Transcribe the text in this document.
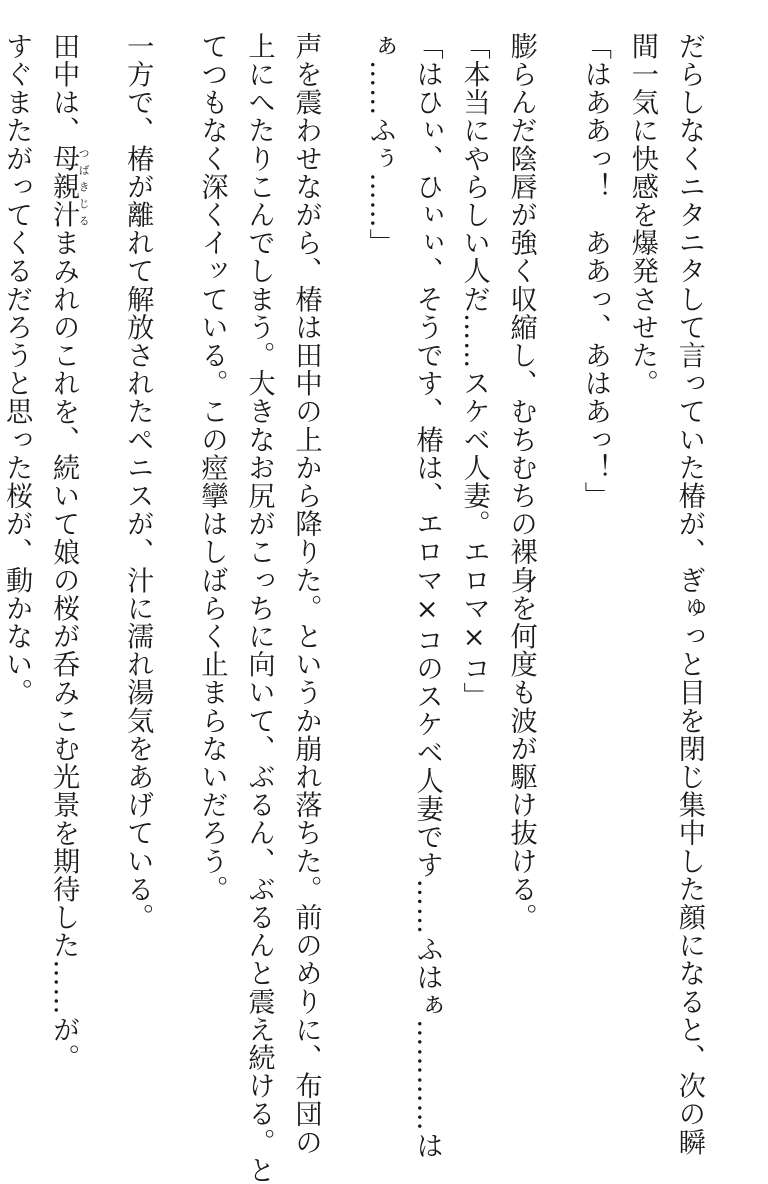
だらしなくニタニタして言っていた椿が、ぎゅっと目を閉じ集中した顔になると、次の瞬
間一気に快感を爆発させた。
「はああっ！　ああっ、あはあっ！」
膨らんだ陰唇が強く収縮し、むちむちの裸身を何度も波が駆け抜ける。
「本当にやらしい人だ……スケベ人妻。エロマ×コ」
「はひぃ、ひぃぃ、そうです、椿は、エロマ×コのスケベ人妻です……ふはぁ…………は
ぁ……ふぅ……」
声を震わせながら、椿は田中の上から降りた。というか崩れ落ちた。前のめりに、布団の
上にへたりこんでしまう。大きなお尻がこっちに向いて、ぶるん、ぶるんと震え続ける。と
てつもなく深くイッている。この痙攣はしばらく止まらないだろう。
一方で、椿が離れて解放されたペニスが、汁に濡れ湯気をあげている。
田中は、母親汁つばきじるまみれのこれを、続いて娘の桜が呑みこむ光景を期待した……が。
すぐまたがってくるだろうと思った桜が、動かない。
